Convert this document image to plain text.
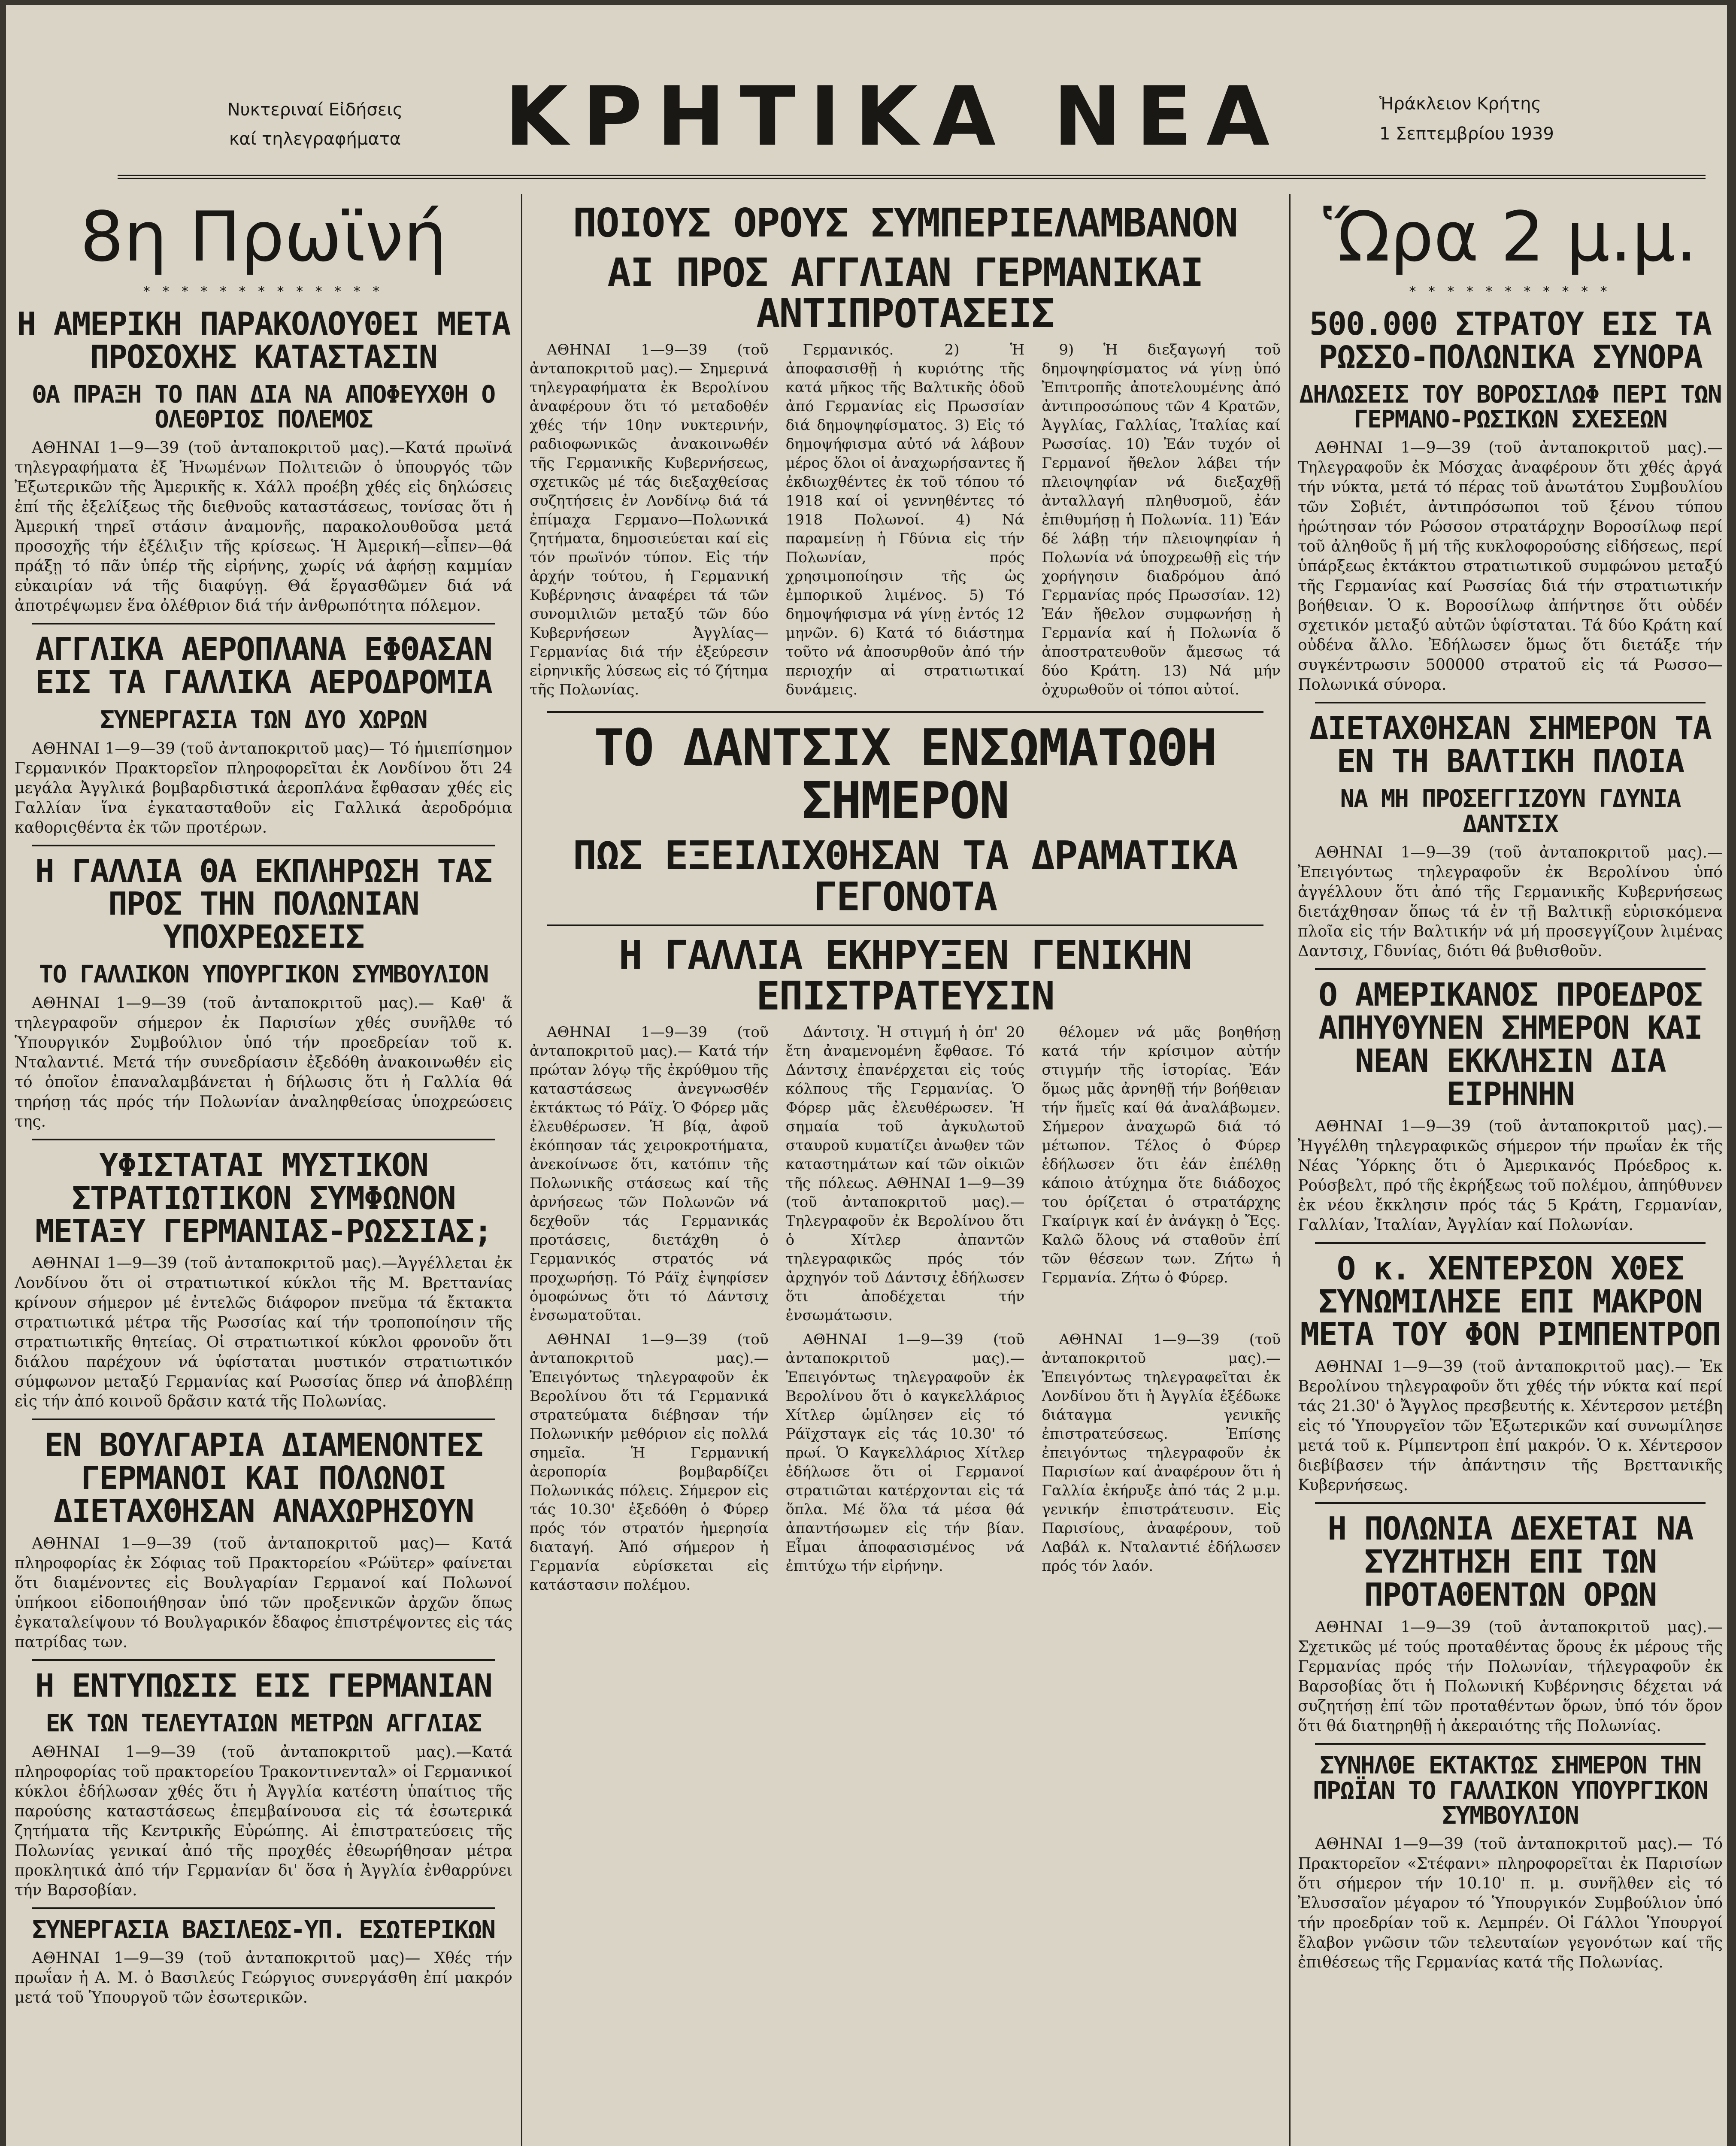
Νυκτεριναί Εἰδήσεις
καί τηλεγραφήματα	ΚΡΗΤΙΚΑ ΝΕΑ	Ἡράκλειον Κρήτης
1 Σεπτεμβρίου 1939
8η Πρωϊνή
* * * * * * * * * * * * *
Η ΑΜΕΡΙΚΗ ΠΑΡΑΚΟΛΟΥΘΕΙ ΜΕΤΑ ΠΡΟΣΟΧΗΣ ΚΑΤΑΣΤΑΣΙΝ
ΘΑ ΠΡΑΞΗ ΤΟ ΠΑΝ ΔΙΑ ΝΑ ΑΠΟΦΕΥΧΘΗ Ο ΟΛΕΘΡΙΟΣ ΠΟΛΕΜΟΣ

ΑΘΗΝΑΙ 1—9—39 (τοῦ ἀνταποκριτοῦ μας).—Κατά πρωϊνά τηλεγραφήματα ἐξ Ἡνωμένων Πολιτειῶν ὁ ὑπουργός τῶν Ἐξωτερικῶν τῆς Ἀμερικῆς κ. Χάλλ προέβη χθές εἰς δηλώσεις ἐπί τῆς ἐξελίξεως τῆς διεθνοῦς καταστάσεως, τονίσας ὅτι ἡ Ἀμερική τηρεῖ στάσιν ἀναμονῆς, παρακολουθοῦσα μετά προσοχῆς τήν ἐξέλιξιν τῆς κρίσεως. Ἡ Ἀμερική—εἶπεν—θά πράξῃ τό πᾶν ὑπέρ τῆς εἰρήνης, χωρίς νά ἀφήσῃ καμμίαν εὐκαιρίαν νά τῆς διαφύγῃ. Θά ἔργασθῶμεν διά νά ἀποτρέψωμεν ἕνα ὀλέθριον διά τήν ἀνθρωπότητα πόλεμον.

ΑΓΓΛΙΚΑ ΑΕΡΟΠΛΑΝΑ ΕΦΘΑΣΑΝ ΕΙΣ ΤΑ ΓΑΛΛΙΚΑ ΑΕΡΟΔΡΟΜΙΑ
ΣΥΝΕΡΓΑΣΙΑ ΤΩΝ ΔΥΟ ΧΩΡΩΝ

ΑΘΗΝΑΙ 1—9—39 (τοῦ ἀνταποκριτοῦ μας)— Τό ἡμιεπίσημον Γερμανικόν Πρακτορεῖον πληροφορεῖται ἐκ Λονδίνου ὅτι 24 μεγάλα Ἀγγλικά βομβαρδιστικά ἀεροπλάνα ἔφθασαν χθές εἰς Γαλλίαν ἵνα ἐγκατασταθοῦν εἰς Γαλλικά ἀεροδρόμια καθοριςθέντα ἐκ τῶν προτέρων.

Η ΓΑΛΛΙΑ ΘΑ ΕΚΠΛΗΡΩΣΗ ΤΑΣ ΠΡΟΣ ΤΗΝ ΠΟΛΩΝΙΑΝ ΥΠΟΧΡΕΩΣΕΙΣ
ΤΟ ΓΑΛΛΙΚΟΝ ΥΠΟΥΡΓΙΚΟΝ ΣΥΜΒΟΥΛΙΟΝ

ΑΘΗΝΑΙ 1—9—39 (τοῦ ἀνταποκριτοῦ μας).— Καθ' ἅ τηλεγραφοῦν σήμερον ἐκ Παρισίων χθές συνῆλθε τό Ὑπουργικόν Συμβούλιον ὑπό τήν προεδρείαν τοῦ κ. Νταλαντιέ. Μετά τήν συνεδρίασιν ἐξεδόθη ἀνακοινωθέν εἰς τό ὁποῖον ἐπαναλαμβάνεται ἡ δήλωσις ὅτι ἡ Γαλλία θά τηρήσῃ τάς πρός τήν Πολωνίαν ἀναληφθείσας ὑποχρεώσεις της.

ΥΦΙΣΤΑΤΑΙ ΜΥΣΤΙΚΟΝ ΣΤΡΑΤΙΩΤΙΚΟΝ ΣΥΜΦΩΝΟΝ ΜΕΤΑΞΥ ΓΕΡΜΑΝΙΑΣ-ΡΩΣΣΙΑΣ;

ΑΘΗΝΑΙ 1—9—39 (τοῦ ἀνταποκριτοῦ μας).—Ἀγγέλλεται ἐκ Λονδίνου ὅτι οἱ στρατιωτικοί κύκλοι τῆς Μ. Βρεττανίας κρίνουν σήμερον μέ ἐντελῶς διάφορον πνεῦμα τά ἔκτακτα στρατιωτικά μέτρα τῆς Ρωσσίας καί τήν τροποποίησιν τῆς στρατιωτικῆς θητείας. Οἱ στρατιωτικοί κύκλοι φρονοῦν ὅτι διάλου παρέχουν νά ὑφίσταται μυστικόν στρατιωτικόν σύμφωνον μεταξύ Γερμανίας καί Ρωσσίας ὅπερ νά ἀποβλέπῃ εἰς τήν ἀπό κοινοῦ δρᾶσιν κατά τῆς Πολωνίας.

ΕΝ ΒΟΥΛΓΑΡΙΑ ΔΙΑΜΕΝΟΝΤΕΣ ΓΕΡΜΑΝΟΙ ΚΑΙ ΠΟΛΩΝΟΙ ΔΙΕΤΑΧΘΗΣΑΝ ΑΝΑΧΩΡΗΣΟΥΝ

ΑΘΗΝΑΙ 1—9—39 (τοῦ ἀνταποκριτοῦ μας)— Κατά πληροφορίας ἐκ Σόφιας τοῦ Πρακτορείου «Ρώϋτερ» φαίνεται ὅτι διαμένοντες εἰς Βουλγαρίαν Γερμανοί καί Πολωνοί ὑπήκοοι εἰδοποιήθησαν ὑπό τῶν προξενικῶν ἀρχῶν ὅπως ἐγκαταλείψουν τό Βουλγαρικόν ἔδαφος ἐπιστρέψοντες εἰς τάς πατρίδας των.

Η ΕΝΤΥΠΩΣΙΣ ΕΙΣ ΓΕΡΜΑΝΙΑΝ
ΕΚ ΤΩΝ ΤΕΛΕΥΤΑΙΩΝ ΜΕΤΡΩΝ ΑΓΓΛΙΑΣ

ΑΘΗΝΑΙ 1—9—39 (τοῦ ἀνταποκριτοῦ μας).—Κατά πληροφορίας τοῦ πρακτορείου Τρακοντινενταλ» οἱ Γερμανικοί κύκλοι ἐδήλωσαν χθές ὅτι ἡ Ἀγγλία κατέστη ὑπαίτιος τῆς παρούσης καταστάσεως ἐπεμβαίνουσα εἰς τά ἐσωτερικά ζητήματα τῆς Κεντρικῆς Εὐρώπης. Αἱ ἐπιστρατεύσεις τῆς Πολωνίας γενικαί ἀπό τῆς προχθές ἐθεωρήθησαν μέτρα προκλητικά ἀπό τήν Γερμανίαν δι' ὅσα ἡ Ἀγγλία ἐνθαρρύνει τήν Βαρσοβίαν.

ΣΥΝΕΡΓΑΣΙΑ ΒΑΣΙΛΕΩΣ-ΥΠ. ΕΣΩΤΕΡΙΚΩΝ

ΑΘΗΝΑΙ 1—9—39 (τοῦ ἀνταποκριτοῦ μας)— Χθές τήν πρωΐαν ἡ Α. Μ. ὁ Βασιλεύς Γεώργιος συνεργάσθη ἐπί μακρόν μετά τοῦ Ὑπουργοῦ τῶν ἐσωτερικῶν.

ΠΟΙΟΥΣ ΟΡΟΥΣ ΣΥΜΠΕΡΙΕΛΑΜΒΑΝΟΝ
ΑΙ ΠΡΟΣ ΑΓΓΛΙΑΝ ΓΕΡΜΑΝΙΚΑΙ ΑΝΤΙΠΡΟΤΑΣΕΙΣ

ΑΘΗΝΑΙ 1—9—39 (τοῦ ἀνταποκριτοῦ μας).— Σημερινά τηλεγραφήματα ἐκ Βερολίνου ἀναφέρουν ὅτι τό μεταδοθέν χθές τήν 10ην νυκτερινήν, ραδιοφωνικῶς ἀνακοινωθέν τῆς Γερμανικῆς Κυβερνήσεως, σχετικῶς μέ τάς διεξαχθείσας συζητήσεις ἐν Λονδίνῳ διά τά ἐπίμαχα Γερμανο—Πολωνικά ζητήματα, δημοσιεύεται καί εἰς τόν πρωϊνόν τύπον. Εἰς τήν ἀρχήν τούτου, ἡ Γερμανική Κυβέρνησις ἀναφέρει τά τῶν συνομιλιῶν μεταξύ τῶν δύο Κυβερνήσεων Ἀγγλίας—Γερμανίας διά τήν ἐξεύρεσιν εἰρηνικῆς λύσεως εἰς τό ζήτημα τῆς Πολωνίας.

Γερμανικός. 2) Ἡ ἀποφασισθῇ ἡ κυριότης τῆς κατά μῆκος τῆς Βαλτικῆς ὁδοῦ ἀπό Γερμανίας εἰς Πρωσσίαν διά δημοψηφίσματος. 3) Εἰς τό δημοψήφισμα αὐτό νά λάβουν μέρος ὅλοι οἱ ἀναχωρήσαντες ἤ ἐκδιωχθέντες ἐκ τοῦ τόπου τό 1918 καί οἱ γεννηθέντες τό 1918 Πολωνοί. 4) Νά παραμείνῃ ἡ Γδύνια εἰς τήν Πολωνίαν, πρός χρησιμοποίησιν τῆς ὡς ἐμπορικοῦ λιμένος. 5) Τό δημοψήφισμα νά γίνῃ ἐντός 12 μηνῶν. 6) Κατά τό διάστημα τοῦτο νά ἀποσυρθοῦν ἀπό τήν περιοχήν αἱ στρατιωτικαί δυνάμεις.

9) Ἡ διεξαγωγή τοῦ δημοψηφίσματος νά γίνῃ ὑπό Ἐπιτροπῆς ἀποτελουμένης ἀπό ἀντιπροσώπους τῶν 4 Κρατῶν, Ἀγγλίας, Γαλλίας, Ἰταλίας καί Ρωσσίας. 10) Ἐάν τυχόν οἱ Γερμανοί ἤθελον λάβει τήν πλειοψηφίαν νά διεξαχθῇ ἀνταλλαγή πληθυσμοῦ, ἐάν ἐπιθυμήσῃ ἡ Πολωνία. 11) Ἐάν δέ λάβῃ τήν πλειοψηφίαν ἡ Πολωνία νά ὑποχρεωθῇ εἰς τήν χορήγησιν διαδρόμου ἀπό Γερμανίας πρός Πρωσσίαν. 12) Ἐάν ἤθελον συμφωνήσῃ ἡ Γερμανία καί ἡ Πολωνία ὅ ἀποστρατευθοῦν ἄμεσως τά δύο Κράτη. 13) Νά μήν ὀχυρωθοῦν οἱ τόποι αὐτοί.

ΤΟ ΔΑΝΤΣΙΧ ΕΝΣΩΜΑΤΩΘΗ ΣΗΜΕΡΟΝ
ΠΩΣ ΕΞΕΙΛΙΧΘΗΣΑΝ ΤΑ ΔΡΑΜΑΤΙΚΑ ΓΕΓΟΝΟΤΑ
Η ΓΑΛΛΙΑ ΕΚΗΡΥΞΕΝ ΓΕΝΙΚΗΝ ΕΠΙΣΤΡΑΤΕΥΣΙΝ

ΑΘΗΝΑΙ 1—9—39 (τοῦ ἀνταποκριτοῦ μας).— Κατά τήν πρώταν λόγῳ τῆς ἐκρύθμου τῆς καταστάσεως ἀνεγνωσθέν ἐκτάκτως τό Ράϊχ. Ὁ Φόρερ μᾶς ἐλευθέρωσεν. Ἡ βίᾳ, ἀφοῦ ἐκόπησαν τάς χειροκροτήματα, ἀνεκοίνωσε ὅτι, κατόπιν τῆς Πολωνικῆς στάσεως καί τῆς ἀρνήσεως τῶν Πολωνῶν νά δεχθοῦν τάς Γερμανικάς προτάσεις, διετάχθη ὁ Γερμανικός στρατός νά προχωρήσῃ. Τό Ράϊχ ἐψηφίσεν ὁμοφώνως ὅτι τό Δάντσιχ ἐνσωματοῦται.

Δάντσιχ. Ἡ στιγμή ἡ ὁπ' 20 ἔτη ἀναμενομένη ἔφθασε. Τό Δάντσιχ ἐπανέρχεται εἰς τούς κόλπους τῆς Γερμανίας. Ὁ Φόρερ μᾶς ἐλευθέρωσεν. Ἡ σημαία τοῦ ἀγκυλωτοῦ σταυροῦ κυματίζει ἀνωθεν τῶν καταστημάτων καί τῶν οἰκιῶν τῆς πόλεως. ΑΘΗΝΑΙ 1—9—39 (τοῦ ἀνταποκριτοῦ μας).— Τηλεγραφοῦν ἐκ Βερολίνου ὅτι ὁ Χίτλερ ἀπαντῶν τηλεγραφικῶς πρός τόν ἀρχηγόν τοῦ Δάντσιχ ἐδήλωσεν ὅτι ἀποδέχεται τήν ἐνσωμάτωσιν.

θέλομεν νά μᾶς βοηθήσῃ κατά τήν κρίσιμον αὐτήν στιγμήν τῆς ἱστορίας. Ἐάν ὅμως μᾶς ἀρνηθῇ τήν βοήθειαν τήν ἥμεῖς καί θά ἀναλάβωμεν. Σήμερον ἀναχωρῶ διά τό μέτωπον. Τέλος ὁ Φύρερ ἐδήλωσεν ὅτι ἐάν ἐπέλθῃ κάποιο ἀτύχημα ὅτε διάδοχος του ὁρίζεται ὁ στρατάρχης Γκαίριγκ καί ἐν ἀνάγκῃ ὁ Ἔςς. Καλῶ ὅλους νά σταθοῦν ἐπί τῶν θέσεων των. Ζήτω ἡ Γερμανία. Ζήτω ὁ Φύρερ.

ΑΘΗΝΑΙ 1—9—39 (τοῦ ἀνταποκριτοῦ μας).— Ἐπειγόντως τηλεγραφοῦν ἐκ Βερολίνου ὅτι τά Γερμανικά στρατεύματα διέβησαν τήν Πολωνικήν μεθόριον εἰς πολλά σημεῖα. Ἡ Γερμανική ἀεροπορία βομβαρδίζει Πολωνικάς πόλεις. Σήμερον εἰς τάς 10.30' ἐξεδόθη ὁ Φύρερ πρός τόν στρατόν ἡμερησία διαταγή. Ἀπό σήμερον ἡ Γερμανία εὑρίσκεται εἰς κατάστασιν πολέμου.

ΑΘΗΝΑΙ 1—9—39 (τοῦ ἀνταποκριτοῦ μας).— Ἐπειγόντως τηλεγραφοῦν ἐκ Βερολίνου ὅτι ὁ καγκελλάριος Χίτλερ ὡμίλησεν εἰς τό Ράϊχσταγκ εἰς τάς 10.30' τό πρωί. Ὁ Καγκελλάριος Χίτλερ ἐδήλωσε ὅτι οἱ Γερμανοί στρατιῶται κατέρχονται εἰς τά ὅπλα. Μέ ὅλα τά μέσα θά ἀπαντήσωμεν εἰς τήν βίαν. Εἶμαι ἀποφασισμένος νά ἐπιτύχω τήν εἰρήνην.

ΑΘΗΝΑΙ 1—9—39 (τοῦ ἀνταποκριτοῦ μας).— Ἐπειγόντως τηλεγραφεῖται ἐκ Λονδίνου ὅτι ἡ Ἀγγλία ἐξέδωκε διάταγμα γενικῆς ἐπιστρατεύσεως. Ἐπίσης ἐπειγόντως τηλεγραφοῦν ἐκ Παρισίων καί ἀναφέρουν ὅτι ἡ Γαλλία ἐκήρυξε ἀπό τάς 2 μ.μ. γενικήν ἐπιστράτευσιν. Εἰς Παρισίους, ἀναφέρουν, τοῦ Λαβάλ κ. Νταλαντιέ ἐδήλωσεν πρός τόν λαόν.

Ὥρα 2 μ.μ.
* * * * * * * * * * *
500.000 ΣΤΡΑΤΟΥ ΕΙΣ ΤΑ ΡΩΣΣΟ-ΠΟΛΩΝΙΚΑ ΣΥΝΟΡΑ
ΔΗΛΩΣΕΙΣ ΤΟΥ ΒΟΡΟΣΙΛΩΦ ΠΕΡΙ ΤΩΝ ΓΕΡΜΑΝΟ-ΡΩΣΙΚΩΝ ΣΧΕΣΕΩΝ

ΑΘΗΝΑΙ 1—9—39 (τοῦ ἀνταποκριτοῦ μας).—Τηλεγραφοῦν ἐκ Μόσχας ἀναφέρουν ὅτι χθές ἀργά τήν νύκτα, μετά τό πέρας τοῦ ἀνωτάτου Συμβουλίου τῶν Σοβιέτ, ἀντιπρόσωποι τοῦ ξένου τύπου ἠρώτησαν τόν Ρώσσον στρατάρχην Βοροσίλωφ περί τοῦ ἀληθοῦς ἤ μή τῆς κυκλοφορούσης εἰδήσεως, περί ὑπάρξεως ἐκτάκτου στρατιωτικοῦ συμφώνου μεταξύ τῆς Γερμανίας καί Ρωσσίας διά τήν στρατιωτικήν βοήθειαν. Ὁ κ. Βοροσίλωφ ἀπήντησε ὅτι οὐδέν σχετικόν μεταξύ αὐτῶν ὑφίσταται. Τά δύο Κράτη καί οὐδένα ἄλλο. Ἐδήλωσεν ὅμως ὅτι διετάξε τήν συγκέντρωσιν 500000 στρατοῦ εἰς τά Ρωσσο—Πολωνικά σύνορα.

ΔΙΕΤΑΧΘΗΣΑΝ ΣΗΜΕΡΟΝ ΤΑ ΕΝ ΤΗ ΒΑΛΤΙΚΗ ΠΛΟΙΑ
ΝΑ ΜΗ ΠΡΟΣΕΓΓΙΖΟΥΝ ΓΔΥΝΙΑ ΔΑΝΤΣΙΧ

ΑΘΗΝΑΙ 1—9—39 (τοῦ ἀνταποκριτοῦ μας).—Ἐπειγόντως τηλεγραφοῦν ἐκ Βερολίνου ὑπό ἀγγέλλουν ὅτι ἀπό τῆς Γερμανικῆς Κυβερνήσεως διετάχθησαν ὅπως τά ἐν τῇ Βαλτικῇ εὑρισκόμενα πλοῖα εἰς τήν Βαλτικήν νά μή προσεγγίζουν λιμένας Δαντσιχ, Γδυνίας, διότι θά βυθισθοῦν.

Ο ΑΜΕΡΙΚΑΝΟΣ ΠΡΟΕΔΡΟΣ ΑΠΗΥΘΥΝΕΝ ΣΗΜΕΡΟΝ ΚΑΙ ΝΕΑΝ ΕΚΚΛΗΣΙΝ ΔΙΑ ΕΙΡΗΝΗΝ

ΑΘΗΝΑΙ 1—9—39 (τοῦ ἀνταποκριτοῦ μας).—Ἠγγέλθη τηλεγραφικῶς σήμερον τήν πρωΐαν ἐκ τῆς Νέας Ὑόρκης ὅτι ὁ Ἀμερικανός Πρόεδρος κ. Ρούσβελτ, πρό τῆς ἐκρήξεως τοῦ πολέμου, ἀπηύθυνεν ἐκ νέου ἔκκλησιν πρός τάς 5 Κράτη, Γερμανίαν, Γαλλίαν, Ἰταλίαν, Ἀγγλίαν καί Πολωνίαν.

Ο κ. ΧΕΝΤΕΡΣΟΝ ΧΘΕΣ ΣΥΝΩΜΙΛΗΣΕ ΕΠΙ ΜΑΚΡΟΝ ΜΕΤΑ ΤΟΥ ΦΟΝ ΡΙΜΠΕΝΤΡΟΠ

ΑΘΗΝΑΙ 1—9—39 (τοῦ ἀνταποκριτοῦ μας).— Ἐκ Βερολίνου τηλεγραφοῦν ὅτι χθές τήν νύκτα καί περί τάς 21.30' ὁ Ἄγγλος πρεσβευτής κ. Χέντερσον μετέβη εἰς τό Ὑπουργεῖον τῶν Ἐξωτερικῶν καί συνωμίλησε μετά τοῦ κ. Ρίμπεντροπ ἐπί μακρόν. Ὁ κ. Χέντερσον διεβίβασεν τήν ἀπάντησιν τῆς Βρεττανικῆς Κυβερνήσεως.

Η ΠΟΛΩΝΙΑ ΔΕΧΕΤΑΙ ΝΑ ΣΥΖΗΤΗΣΗ ΕΠΙ ΤΩΝ ΠΡΟΤΑΘΕΝΤΩΝ ΟΡΩΝ

ΑΘΗΝΑΙ 1—9—39 (τοῦ ἀνταποκριτοῦ μας).— Σχετικῶς μέ τούς προταθέντας ὅρους ἐκ μέρους τῆς Γερμανίας πρός τήν Πολωνίαν, τήλεγραφοῦν ἐκ Βαρσοβίας ὅτι ἡ Πολωνική Κυβέρνησις δέχεται νά συζητήσῃ ἐπί τῶν προταθέντων ὅρων, ὑπό τόν ὅρον ὅτι θά διατηρηθῇ ἡ ἀκεραιότης τῆς Πολωνίας.

ΣΥΝΗΛΘΕ ΕΚΤΑΚΤΩΣ ΣΗΜΕΡΟΝ ΤΗΝ ΠΡΩΪΑΝ ΤΟ ΓΑΛΛΙΚΟΝ ΥΠΟΥΡΓΙΚΟΝ ΣΥΜΒΟΥΛΙΟΝ

ΑΘΗΝΑΙ 1—9—39 (τοῦ ἀνταποκριτοῦ μας).— Τό Πρακτορεῖον «Στέφανι» πληροφορεῖται ἐκ Παρισίων ὅτι σήμερον τήν 10.10' π. μ. συνῆλθεν εἰς τό Ἐλυσσαῖον μέγαρον τό Ὑπουργικόν Συμβούλιον ὑπό τήν προεδρίαν τοῦ κ. Λεμπρέν. Οἱ Γάλλοι Ὑπουργοί ἔλαβον γνῶσιν τῶν τελευταίων γεγονότων καί τῆς ἐπιθέσεως τῆς Γερμανίας κατά τῆς Πολωνίας.
